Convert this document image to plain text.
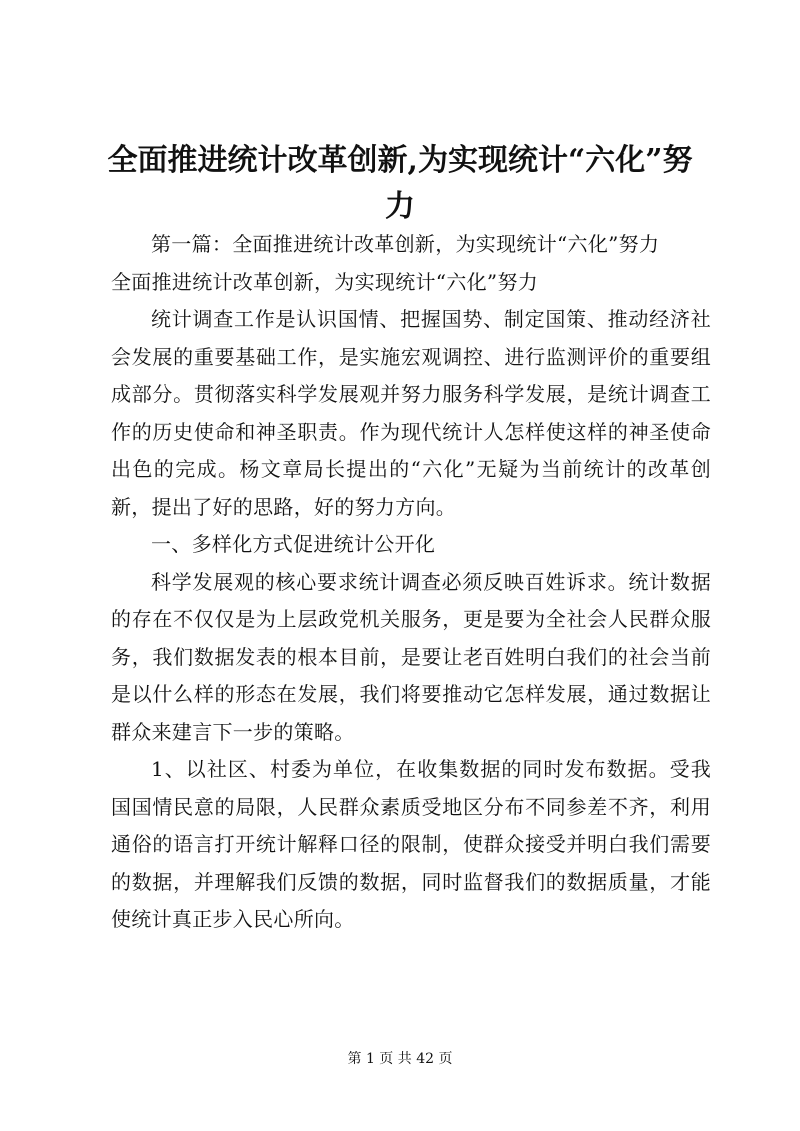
全面推进统计改革创新,为实现统计“六化”努力

第一篇：全面推进统计改革创新，为实现统计“六化”努力

全面推进统计改革创新，为实现统计“六化”努力

统计调查工作是认识国情、把握国势、制定国策、推动经济社会发展的重要基础工作，是实施宏观调控、进行监测评价的重要组成部分。贯彻落实科学发展观并努力服务科学发展，是统计调查工作的历史使命和神圣职责。作为现代统计人怎样使这样的神圣使命出色的完成。杨文章局长提出的“六化”无疑为当前统计的改革创新，提出了好的思路，好的努力方向。

一、多样化方式促进统计公开化

科学发展观的核心要求统计调查必须反映百姓诉求。统计数据的存在不仅仅是为上层政党机关服务，更是要为全社会人民群众服务，我们数据发表的根本目前，是要让老百姓明白我们的社会当前是以什么样的形态在发展，我们将要推动它怎样发展，通过数据让群众来建言下一步的策略。

1、以社区、村委为单位，在收集数据的同时发布数据。受我国国情民意的局限，人民群众素质受地区分布不同参差不齐，利用通俗的语言打开统计解释口径的限制，使群众接受并明白我们需要的数据，并理解我们反馈的数据，同时监督我们的数据质量，才能使统计真正步入民心所向。

第 1 页 共 42 页
